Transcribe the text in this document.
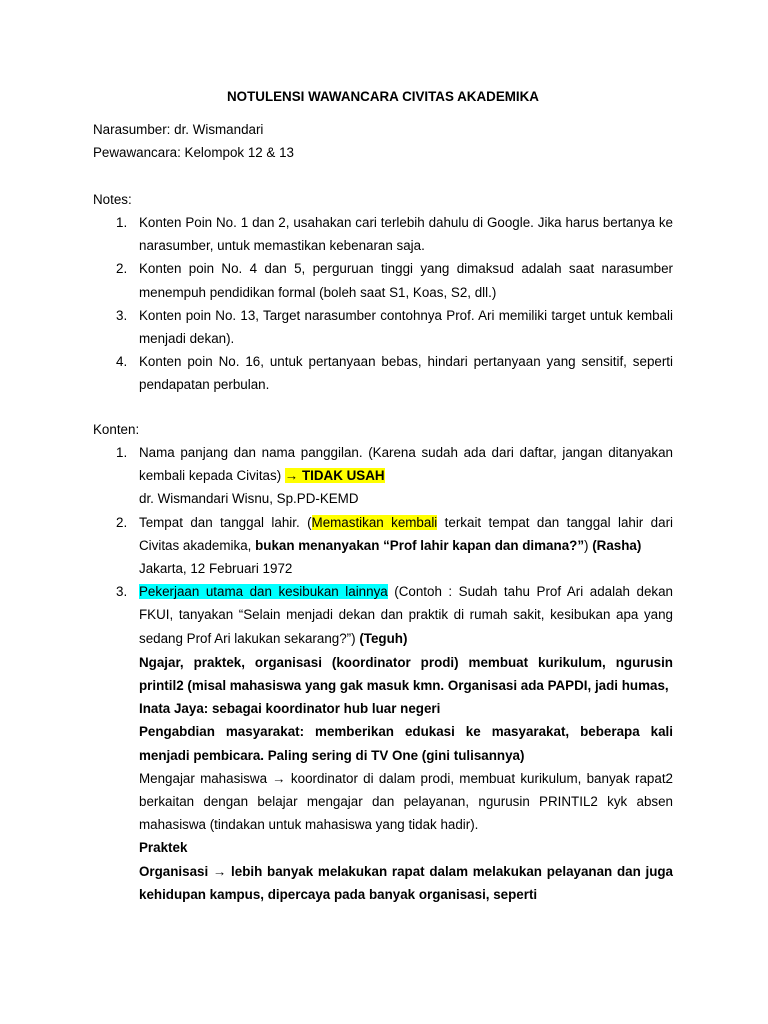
NOTULENSI WAWANCARA CIVITAS AKADEMIKA
Narasumber: dr. Wismandari
Pewawancara: Kelompok 12 & 13
Notes:
1. Konten Poin No. 1 dan 2, usahakan cari terlebih dahulu di Google. Jika harus bertanya ke narasumber, untuk memastikan kebenaran saja.
2. Konten poin No. 4 dan 5, perguruan tinggi yang dimaksud adalah saat narasumber menempuh pendidikan formal (boleh saat S1, Koas, S2, dll.)
3. Konten poin No. 13, Target narasumber contohnya Prof. Ari memiliki target untuk kembali menjadi dekan).
4. Konten poin No. 16, untuk pertanyaan bebas, hindari pertanyaan yang sensitif, seperti pendapatan perbulan.
Konten:
1. Nama panjang dan nama panggilan. (Karena sudah ada dari daftar, jangan ditanyakan kembali kepada Civitas) → TIDAK USAH
dr. Wismandari Wisnu, Sp.PD-KEMD
2. Tempat dan tanggal lahir. (Memastikan kembali terkait tempat dan tanggal lahir dari Civitas akademika, bukan menanyakan “Prof lahir kapan dan dimana?”) (Rasha)
Jakarta, 12 Februari 1972
3. Pekerjaan utama dan kesibukan lainnya (Contoh : Sudah tahu Prof Ari adalah dekan FKUI, tanyakan “Selain menjadi dekan dan praktik di rumah sakit, kesibukan apa yang sedang Prof Ari lakukan sekarang?”) (Teguh)
Ngajar, praktek, organisasi (koordinator prodi) membuat kurikulum, ngurusin printil2 (misal mahasiswa yang gak masuk kmn. Organisasi ada PAPDI, jadi humas,
Inata Jaya: sebagai koordinator hub luar negeri
Pengabdian masyarakat: memberikan edukasi ke masyarakat, beberapa kali menjadi pembicara. Paling sering di TV One (gini tulisannya)
Mengajar mahasiswa → koordinator di dalam prodi, membuat kurikulum, banyak rapat2 berkaitan dengan belajar mengajar dan pelayanan, ngurusin PRINTIL2 kyk absen mahasiswa (tindakan untuk mahasiswa yang tidak hadir).
Praktek
Organisasi → lebih banyak melakukan rapat dalam melakukan pelayanan dan juga kehidupan kampus, dipercaya pada banyak organisasi, seperti
